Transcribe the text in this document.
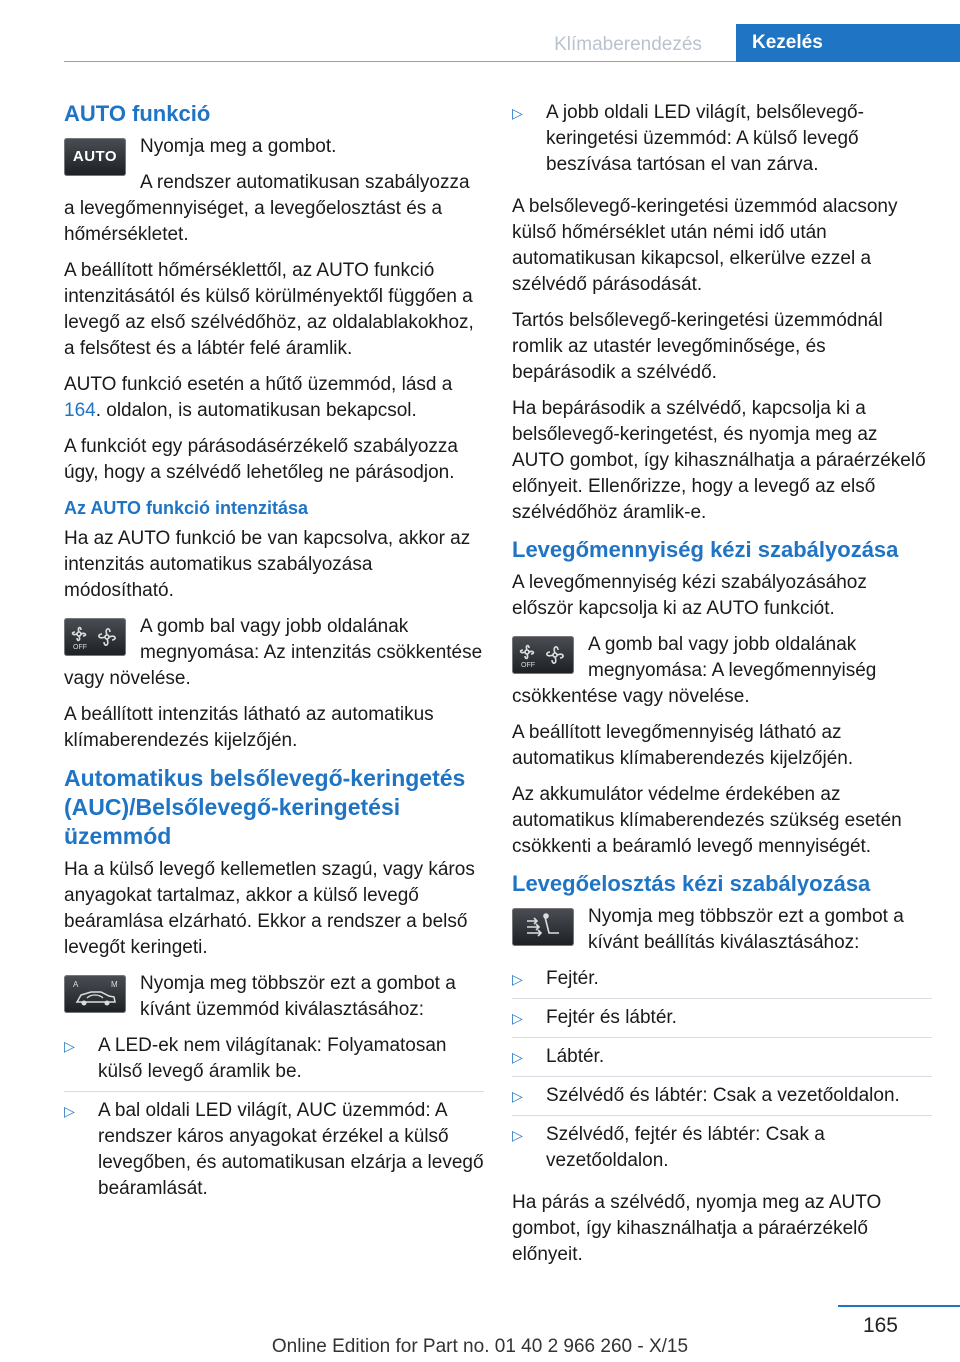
Klímaberendezés	Kezelés
AUTO funkció
AUTO	Nyomja meg a gombot.

A rendszer automatikusan szabályozza a levegőmennyiséget, a levegőelosztást és a hőmérsékletet.

A beállított hőmérséklettől, az AUTO funkció intenzitásától és külső körülményektől függően a levegő az első szélvédőhöz, az oldalablakokhoz, a felsőtest és a lábtér felé áramlik.

AUTO funkció esetén a hűtő üzemmód, lásd a 164. oldalon, is automatikusan bekapcsol.

A funkciót egy párásodásérzékelő szabályozza úgy, hogy a szélvédő lehetőleg ne párásodjon.

Az AUTO funkció intenzitása

Ha az AUTO funkció be van kapcsolva, akkor az intenzitás automatikus szabályozása módosítható.

OFF

A gomb bal vagy jobb oldalának megnyomása: Az intenzitás csökkentése vagy növelése.

A beállított intenzitás látható az automatikus klímaberendezés kijelzőjén.

Automatikus belsőlevegő-keringetés (AUC)/Belsőlevegő-keringetési üzemmód

Ha a külső levegő kellemetlen szagú, vagy káros anyagokat tartalmaz, akkor a külső levegő beáramlása elzárható. Ekkor a rendszer a belső levegőt keringeti.

A	M	Nyomja meg többször ezt a gombot a kívánt üzemmód kiválasztásához:

▷ A LED-ek nem világítanak: Folyamatosan külső levegő áramlik be.
▷ A bal oldali LED világít, AUC üzemmód: A rendszer káros anyagokat érzékel a külső levegőben, és automatikusan elzárja a levegő beáramlását.
▷ A jobb oldali LED világít, belsőlevegő-keringetési üzemmód: A külső levegő beszívása tartósan el van zárva.

A belsőlevegő-keringetési üzemmód alacsony külső hőmérséklet után némi idő után automatikusan kikapcsol, elkerülve ezzel a szélvédő párásodását.

Tartós belsőlevegő-keringetési üzemmódnál romlik az utastér levegőminősége, és bepárásodik a szélvédő.

Ha bepárásodik a szélvédő, kapcsolja ki a belsőlevegő-keringetést, és nyomja meg az AUTO gombot, így kihasználhatja a páraérzékelő előnyeit. Ellenőrizze, hogy a levegő az első szélvédőhöz áramlik-e.

Levegőmennyiség kézi szabályozása

A levegőmennyiség kézi szabályozásához először kapcsolja ki az AUTO funkciót.

OFF

A gomb bal vagy jobb oldalának megnyomása: A levegőmennyiség csökkentése vagy növelése.

A beállított levegőmennyiség látható az automatikus klímaberendezés kijelzőjén.

Az akkumulátor védelme érdekében az automatikus klímaberendezés szükség esetén csökkenti a beáramló levegő mennyiségét.

Levegőelosztás kézi szabályozása

Nyomja meg többször ezt a gombot a kívánt beállítás kiválasztásához:

▷ Fejtér.
▷ Fejtér és lábtér.
▷ Lábtér.
▷ Szélvédő és lábtér: Csak a vezetőoldalon.
▷ Szélvédő, fejtér és lábtér: Csak a vezetőoldalon.

Ha párás a szélvédő, nyomja meg az AUTO gombot, így kihasználhatja a páraérzékelő előnyeit.

165
Online Edition for Part no. 01 40 2 966 260 - X/15
